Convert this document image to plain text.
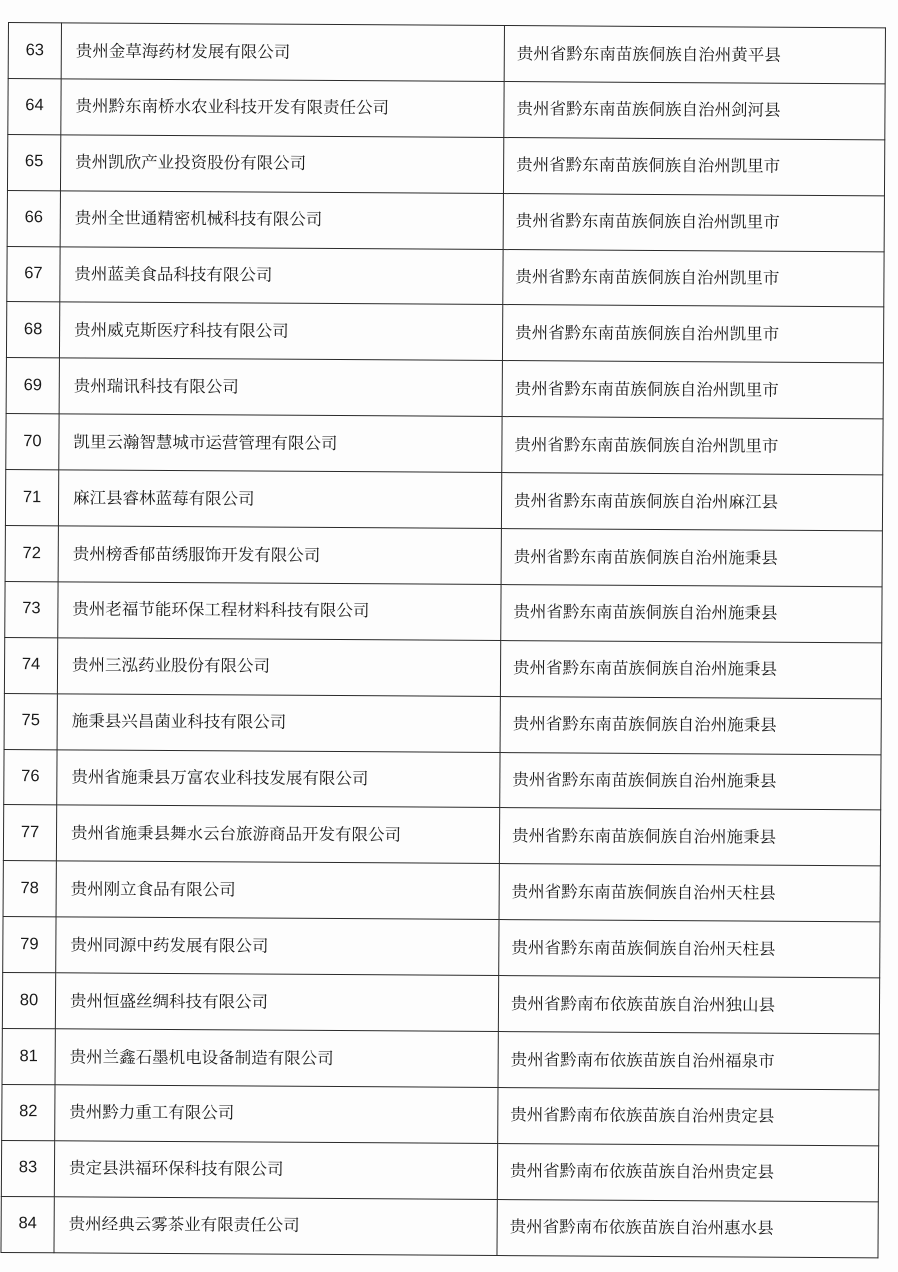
63	贵州金草海药材发展有限公司	贵州省黔东南苗族侗族自治州黄平县
64	贵州黔东南桥水农业科技开发有限责任公司	贵州省黔东南苗族侗族自治州剑河县
65	贵州凯欣产业投资股份有限公司	贵州省黔东南苗族侗族自治州凯里市
66	贵州全世通精密机械科技有限公司	贵州省黔东南苗族侗族自治州凯里市
67	贵州蓝美食品科技有限公司	贵州省黔东南苗族侗族自治州凯里市
68	贵州威克斯医疗科技有限公司	贵州省黔东南苗族侗族自治州凯里市
69	贵州瑞讯科技有限公司	贵州省黔东南苗族侗族自治州凯里市
70	凯里云瀚智慧城市运营管理有限公司	贵州省黔东南苗族侗族自治州凯里市
71	麻江县睿林蓝莓有限公司	贵州省黔东南苗族侗族自治州麻江县
72	贵州榜香郁苗绣服饰开发有限公司	贵州省黔东南苗族侗族自治州施秉县
73	贵州老福节能环保工程材料科技有限公司	贵州省黔东南苗族侗族自治州施秉县
74	贵州三泓药业股份有限公司	贵州省黔东南苗族侗族自治州施秉县
75	施秉县兴昌菌业科技有限公司	贵州省黔东南苗族侗族自治州施秉县
76	贵州省施秉县万富农业科技发展有限公司	贵州省黔东南苗族侗族自治州施秉县
77	贵州省施秉县舞水云台旅游商品开发有限公司	贵州省黔东南苗族侗族自治州施秉县
78	贵州刚立食品有限公司	贵州省黔东南苗族侗族自治州天柱县
79	贵州同源中药发展有限公司	贵州省黔东南苗族侗族自治州天柱县
80	贵州恒盛丝绸科技有限公司	贵州省黔南布依族苗族自治州独山县
81	贵州兰鑫石墨机电设备制造有限公司	贵州省黔南布依族苗族自治州福泉市
82	贵州黔力重工有限公司	贵州省黔南布依族苗族自治州贵定县
83	贵定县洪福环保科技有限公司	贵州省黔南布依族苗族自治州贵定县
84	贵州经典云雾茶业有限责任公司	贵州省黔南布依族苗族自治州惠水县
